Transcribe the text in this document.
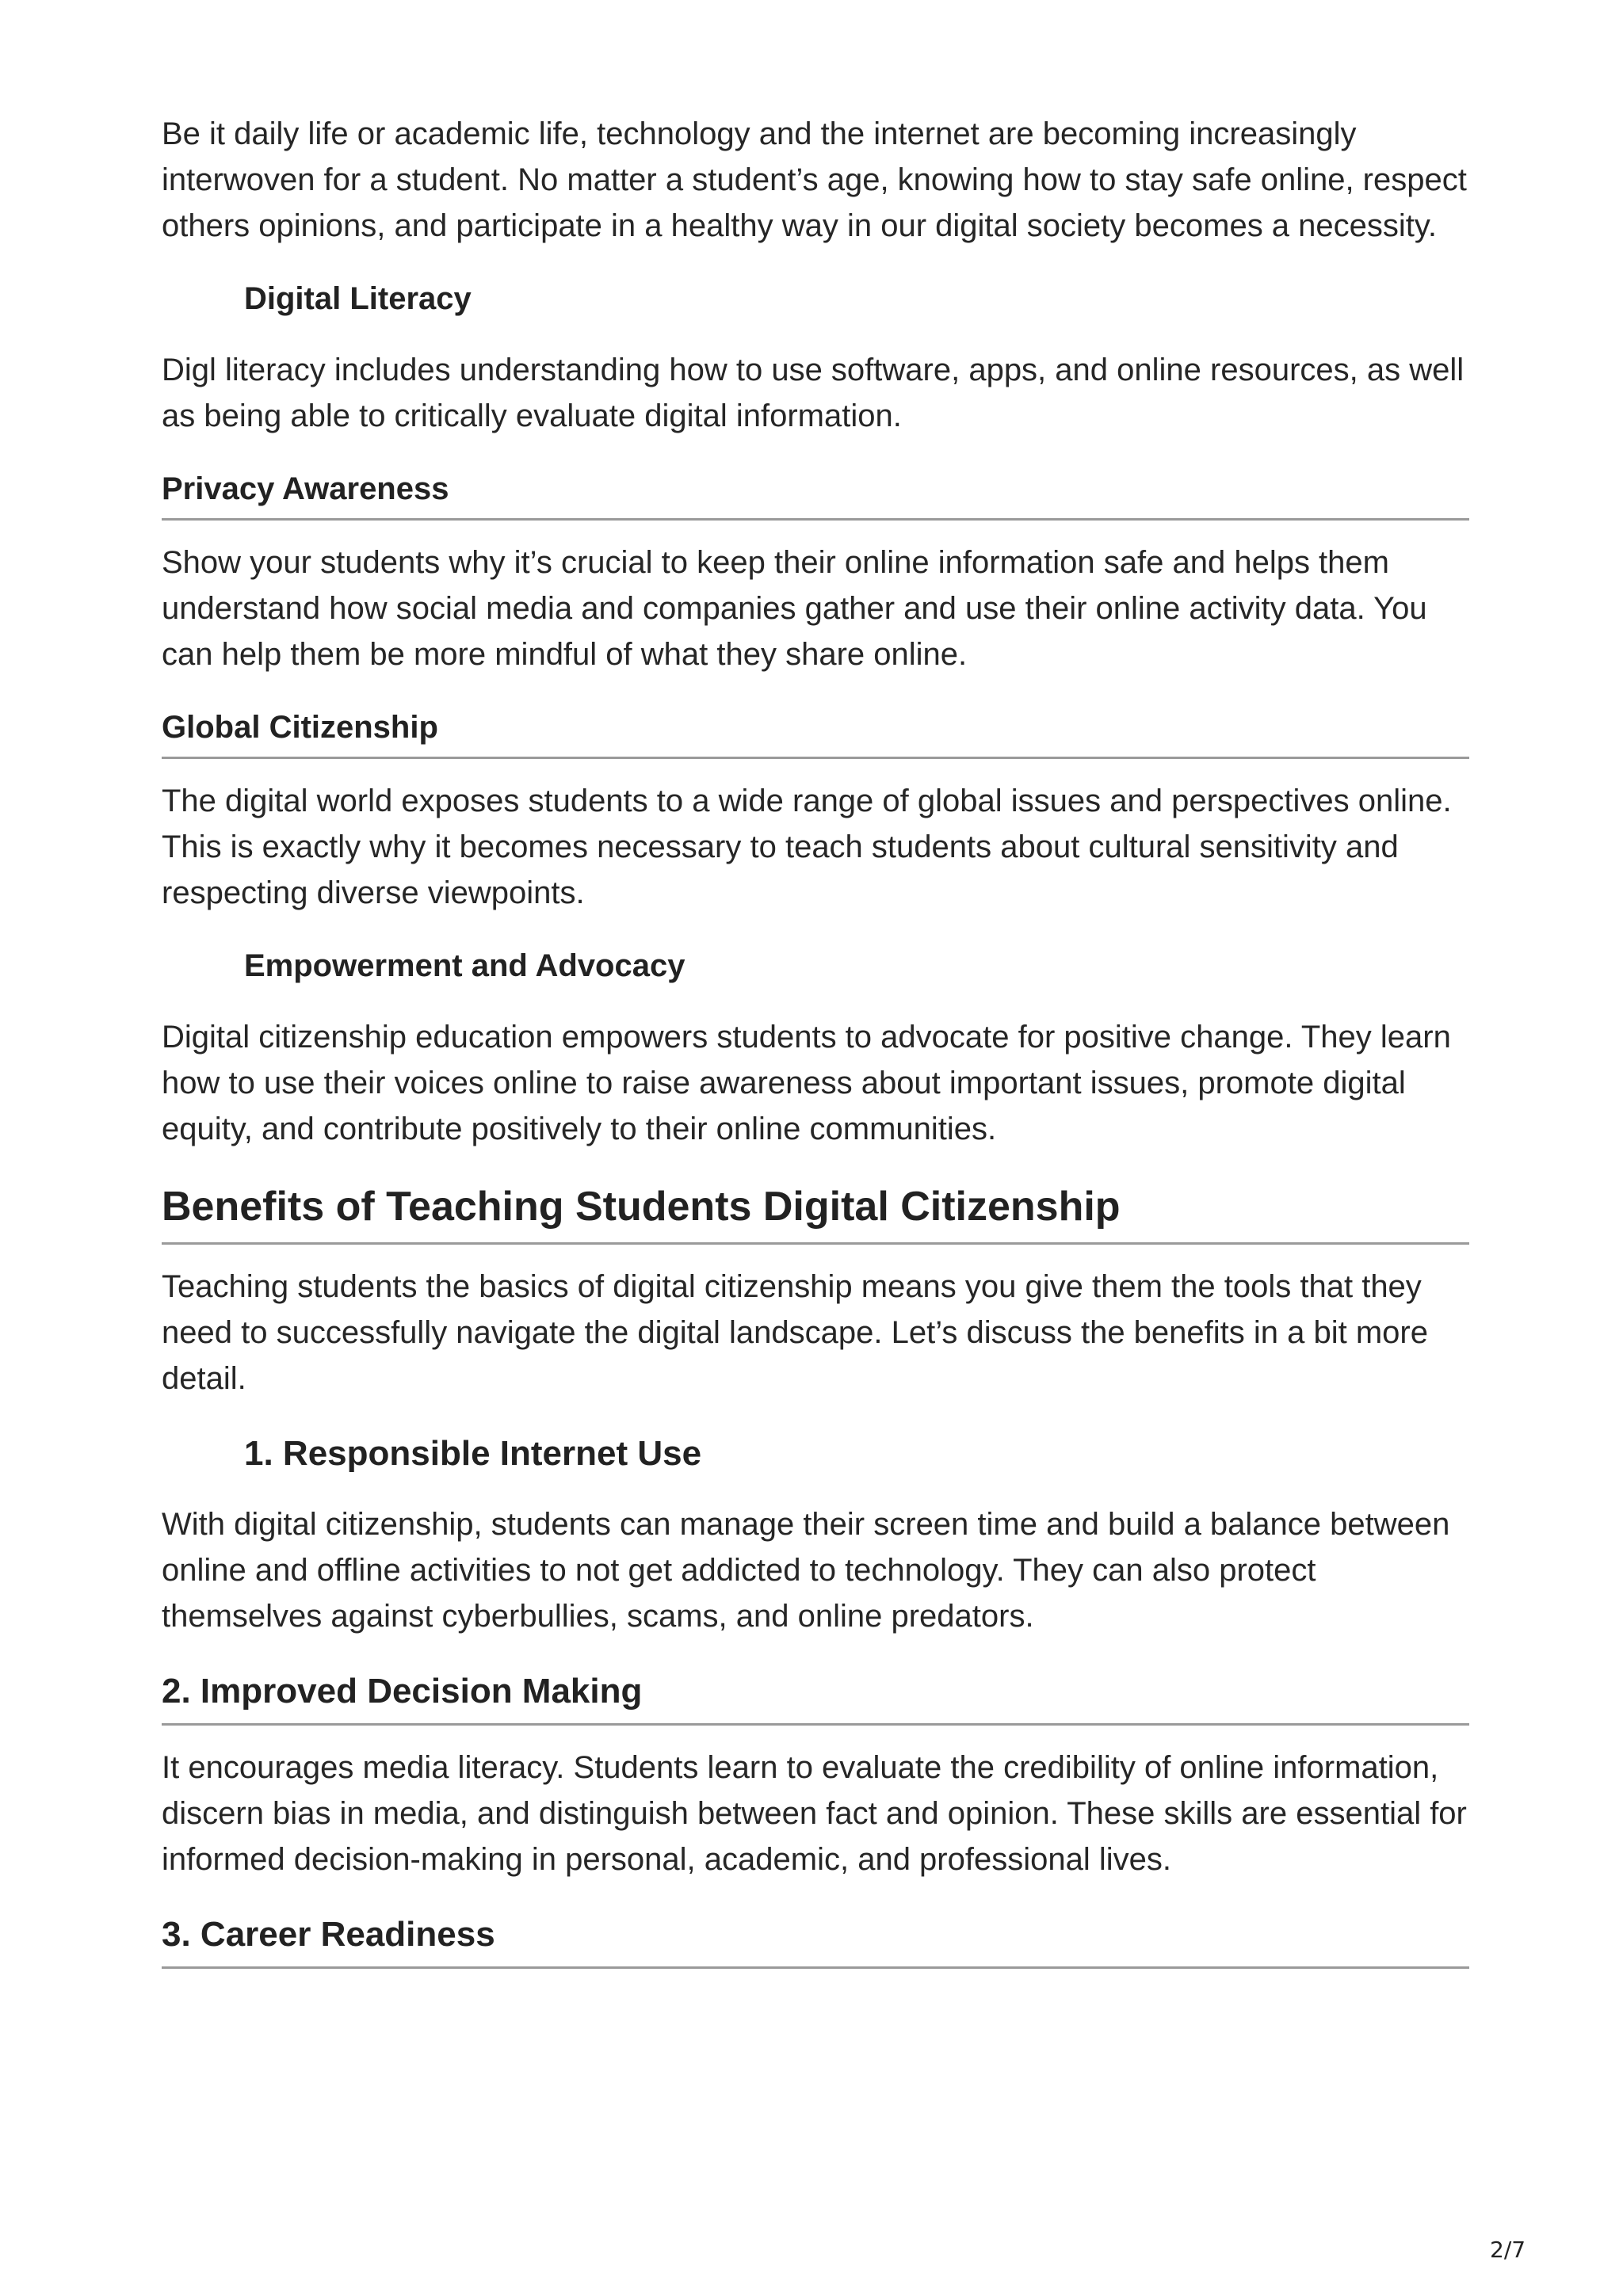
Be it daily life or academic life, technology and the internet are becoming increasingly interwoven for a student. No matter a student’s age, knowing how to stay safe online, respect others opinions, and participate in a healthy way in our digital society becomes a necessity.

Digital Literacy

Digl literacy includes understanding how to use software, apps, and online resources, as well as being able to critically evaluate digital information.

Privacy Awareness

Show your students why it’s crucial to keep their online information safe and helps them understand how social media and companies gather and use their online activity data. You can help them be more mindful of what they share online.

Global Citizenship

The digital world exposes students to a wide range of global issues and perspectives online. This is exactly why it becomes necessary to teach students about cultural sensitivity and respecting diverse viewpoints.

Empowerment and Advocacy

Digital citizenship education empowers students to advocate for positive change. They learn how to use their voices online to raise awareness about important issues, promote digital equity, and contribute positively to their online communities.

Benefits of Teaching Students Digital Citizenship

Teaching students the basics of digital citizenship means you give them the tools that they need to successfully navigate the digital landscape. Let’s discuss the benefits in a bit more detail.

1. Responsible Internet Use

With digital citizenship, students can manage their screen time and build a balance between online and offline activities to not get addicted to technology. They can also protect themselves against cyberbullies, scams, and online predators.

2. Improved Decision Making

It encourages media literacy. Students learn to evaluate the credibility of online information, discern bias in media, and distinguish between fact and opinion. These skills are essential for informed decision-making in personal, academic, and professional lives.

3. Career Readiness
2/7
